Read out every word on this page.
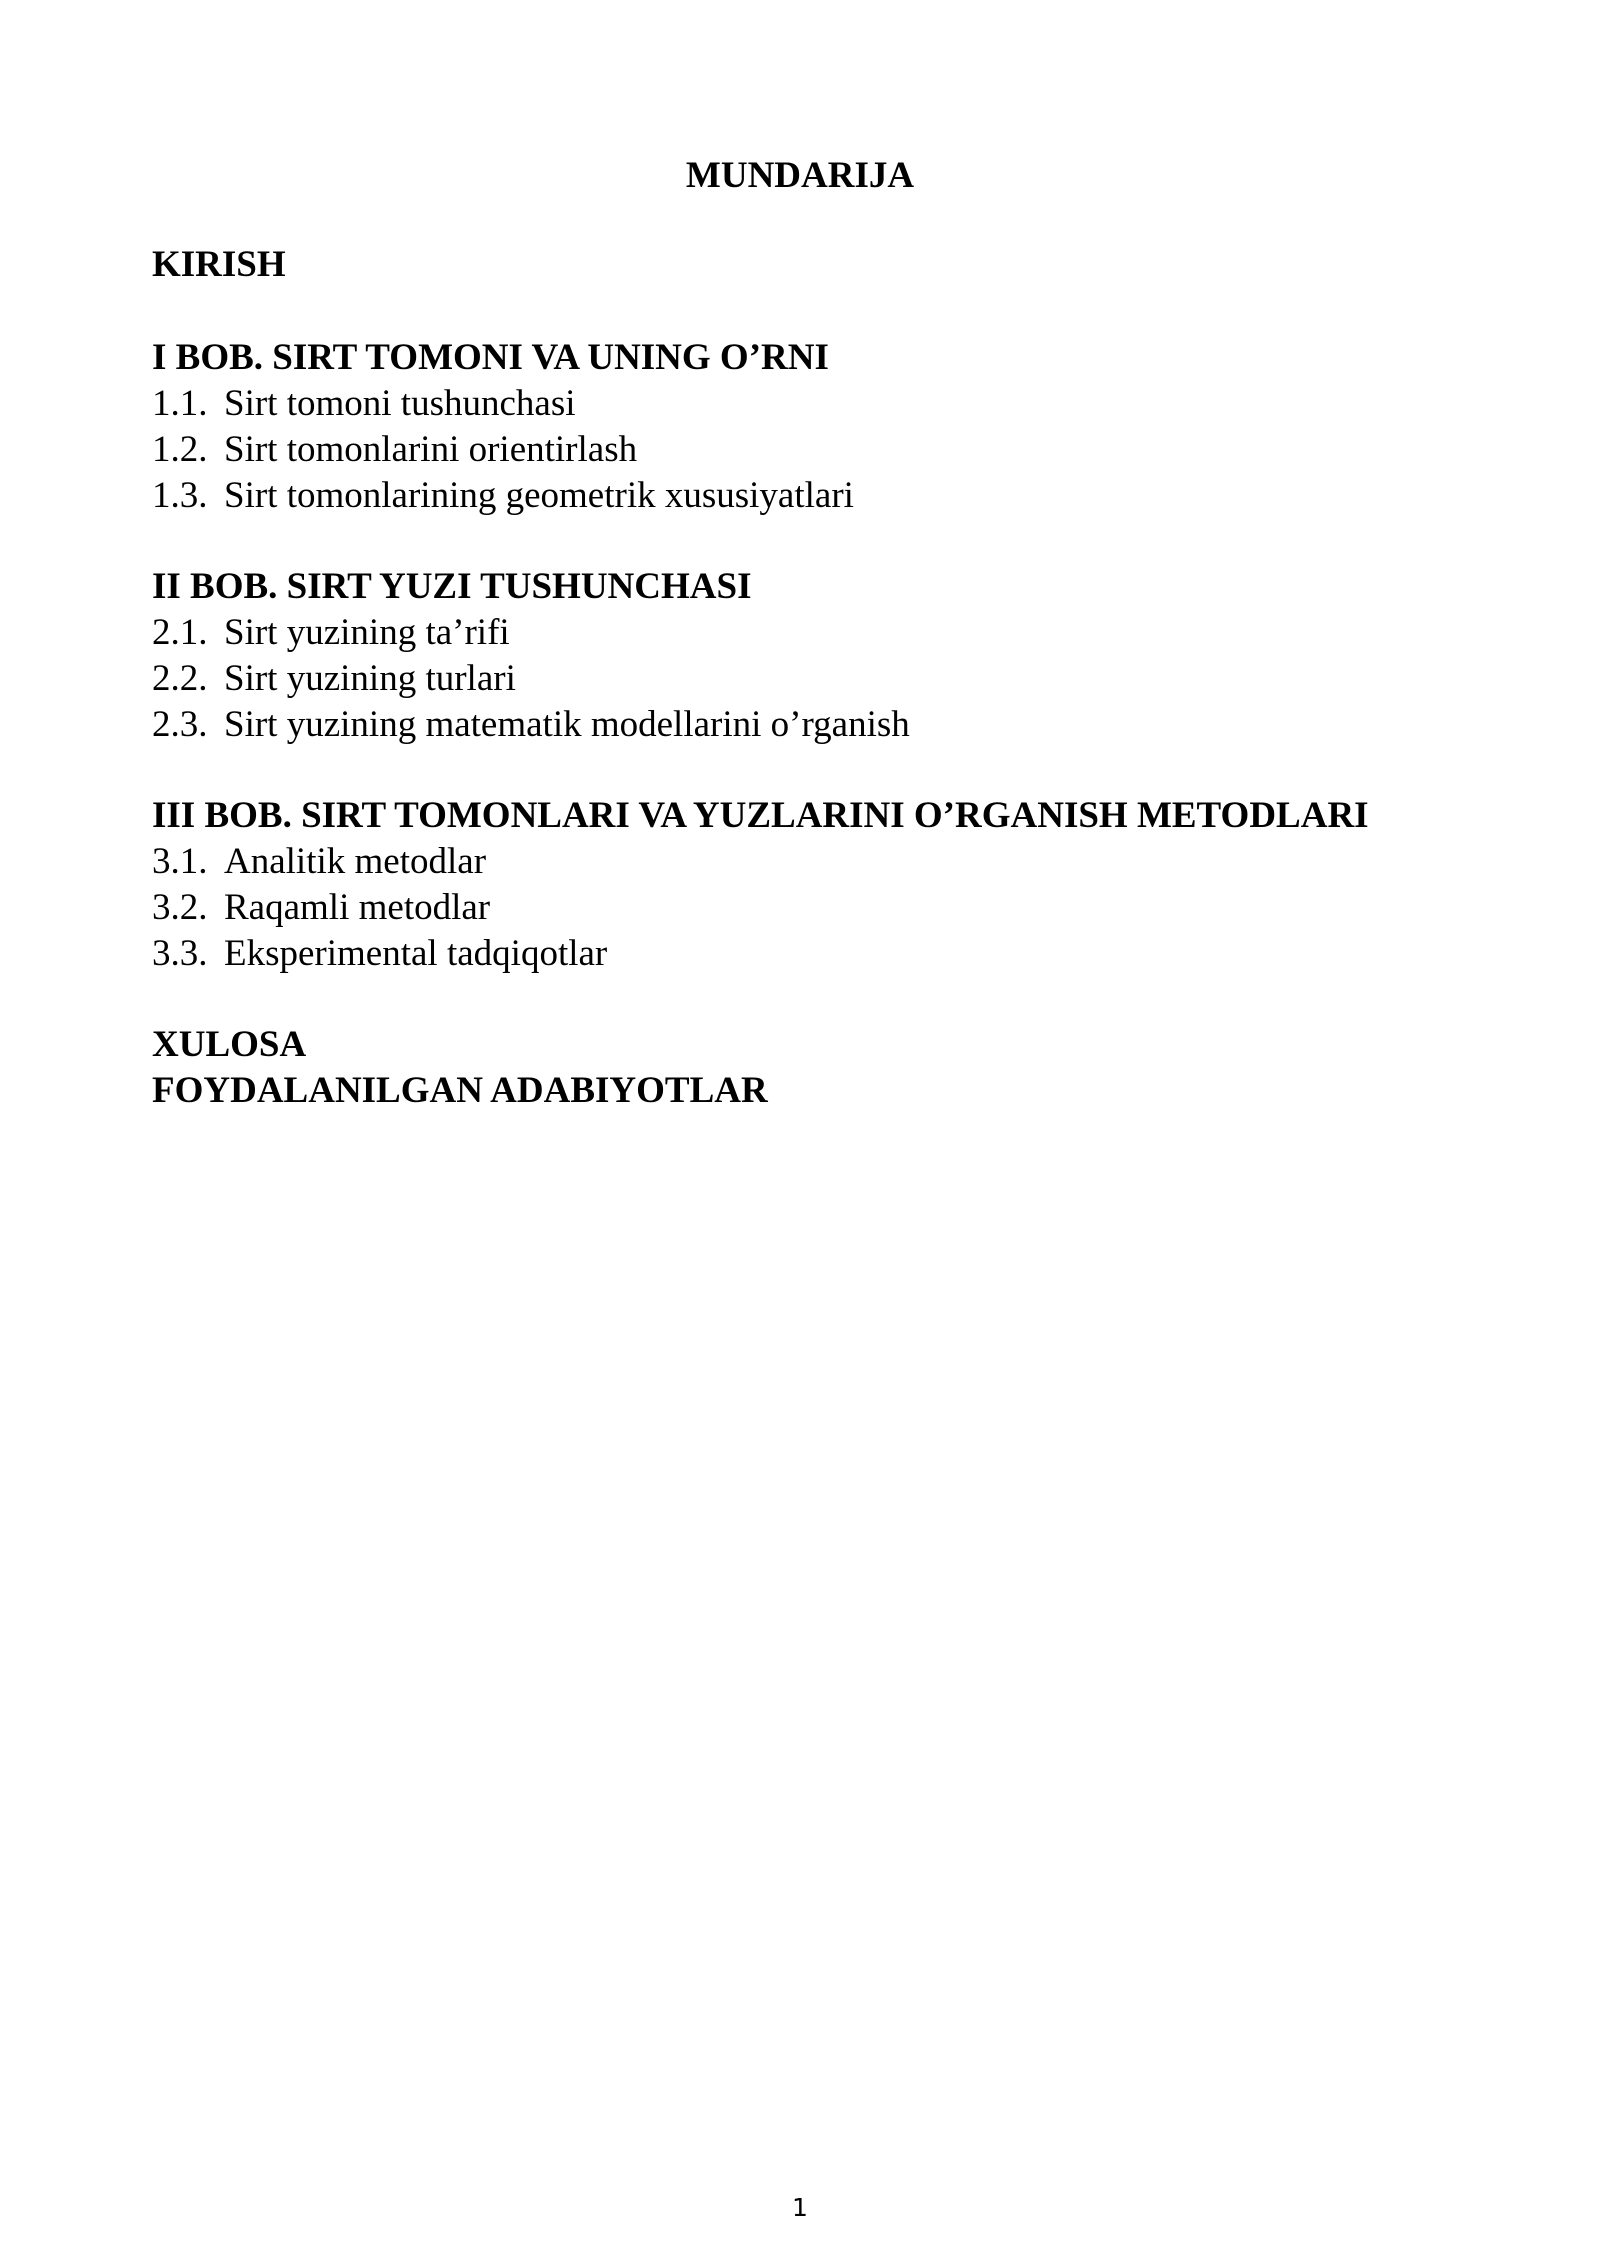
MUNDARIJA
KIRISH
I BOB. SIRT TOMONI VA UNING O’RNI
1.1. Sirt tomoni tushunchasi
1.2. Sirt tomonlarini orientirlash
1.3. Sirt tomonlarining geometrik xususiyatlari
II BOB. SIRT YUZI TUSHUNCHASI
2.1. Sirt yuzining ta’rifi
2.2. Sirt yuzining turlari
2.3. Sirt yuzining matematik modellarini o’rganish
III BOB. SIRT TOMONLARI VA YUZLARINI O’RGANISH METODLARI
3.1. Analitik metodlar
3.2. Raqamli metodlar
3.3. Eksperimental tadqiqotlar
XULOSA
FOYDALANILGAN ADABIYOTLAR
1
